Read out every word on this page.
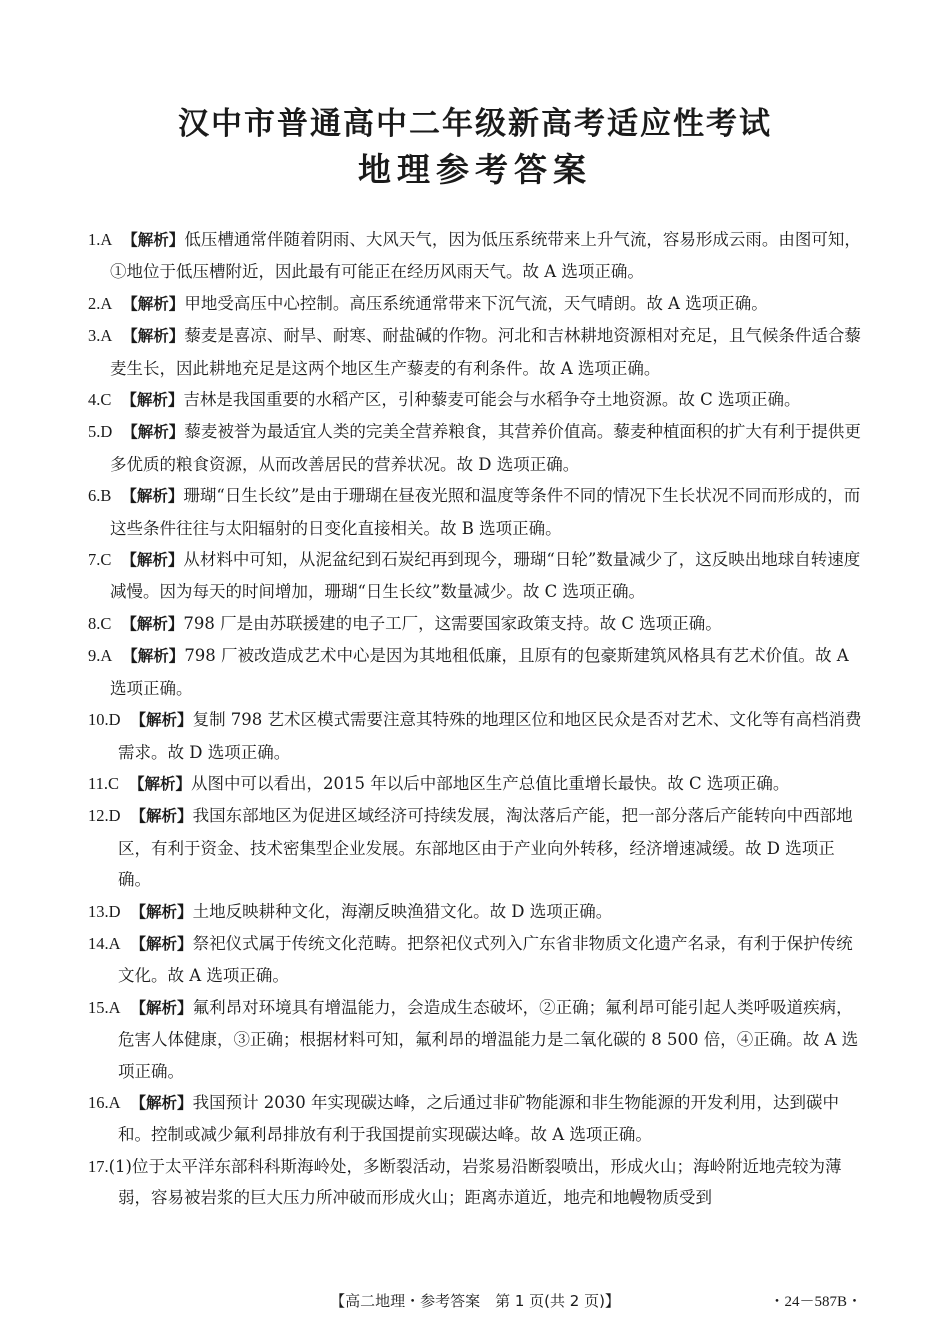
汉中市普通高中二年级新高考适应性考试
地理参考答案

1.A 【解析】低压槽通常伴随着阴雨、大风天气，因为低压系统带来上升气流，容易形成云雨。由图可知，①地位于低压槽附近，因此最有可能正在经历风雨天气。故 A 选项正确。

2.A 【解析】甲地受高压中心控制。高压系统通常带来下沉气流，天气晴朗。故 A 选项正确。

3.A 【解析】藜麦是喜凉、耐旱、耐寒、耐盐碱的作物。河北和吉林耕地资源相对充足，且气候条件适合藜麦生长，因此耕地充足是这两个地区生产藜麦的有利条件。故 A 选项正确。

4.C 【解析】吉林是我国重要的水稻产区，引种藜麦可能会与水稻争夺土地资源。故 C 选项正确。

5.D 【解析】藜麦被誉为最适宜人类的完美全营养粮食，其营养价值高。藜麦种植面积的扩大有利于提供更多优质的粮食资源，从而改善居民的营养状况。故 D 选项正确。

6.B 【解析】珊瑚“日生长纹”是由于珊瑚在昼夜光照和温度等条件不同的情况下生长状况不同而形成的，而这些条件往往与太阳辐射的日变化直接相关。故 B 选项正确。

7.C 【解析】从材料中可知，从泥盆纪到石炭纪再到现今，珊瑚“日轮”数量减少了，这反映出地球自转速度减慢。因为每天的时间增加，珊瑚“日生长纹”数量减少。故 C 选项正确。

8.C 【解析】798 厂是由苏联援建的电子工厂，这需要国家政策支持。故 C 选项正确。

9.A 【解析】798 厂被改造成艺术中心是因为其地租低廉，且原有的包豪斯建筑风格具有艺术价值。故 A 选项正确。

10.D 【解析】复制 798 艺术区模式需要注意其特殊的地理区位和地区民众是否对艺术、文化等有高档消费需求。故 D 选项正确。

11.C 【解析】从图中可以看出，2015 年以后中部地区生产总值比重增长最快。故 C 选项正确。

12.D 【解析】我国东部地区为促进区域经济可持续发展，淘汰落后产能，把一部分落后产能转向中西部地区，有利于资金、技术密集型企业发展。东部地区由于产业向外转移，经济增速减缓。故 D 选项正确。

13.D 【解析】土地反映耕种文化，海潮反映渔猎文化。故 D 选项正确。

14.A 【解析】祭祀仪式属于传统文化范畴。把祭祀仪式列入广东省非物质文化遗产名录，有利于保护传统文化。故 A 选项正确。

15.A 【解析】氟利昂对环境具有增温能力，会造成生态破坏，②正确；氟利昂可能引起人类呼吸道疾病，危害人体健康，③正确；根据材料可知，氟利昂的增温能力是二氧化碳的 8 500 倍，④正确。故 A 选项正确。

16.A 【解析】我国预计 2030 年实现碳达峰，之后通过非矿物能源和非生物能源的开发利用，达到碳中和。控制或减少氟利昂排放有利于我国提前实现碳达峰。故 A 选项正确。

17.(1)位于太平洋东部科科斯海岭处，多断裂活动，岩浆易沿断裂喷出，形成火山；海岭附近地壳较为薄弱，容易被岩浆的巨大压力所冲破而形成火山；距离赤道近，地壳和地幔物质受到

【高二地理・参考答案　第 1 页(共 2 页)】	・24－587B・
